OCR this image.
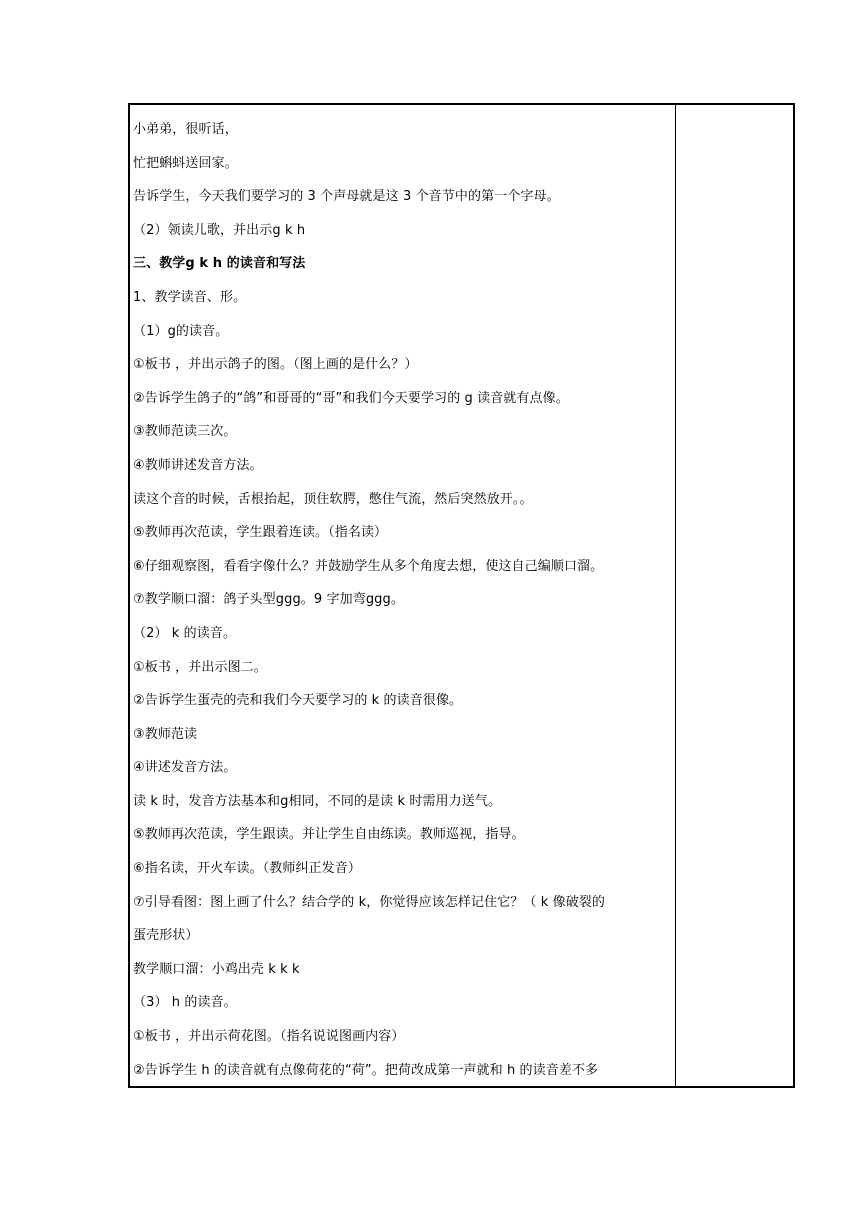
小弟弟，很听话，
忙把蝌蚪送回家。
告诉学生，今天我们要学习的 3 个声母就是这 3 个音节中的第一个字母。
（2）领读儿歌，并出示g k h
三、教学g k h 的读音和写法
1、教学读音、形。
（1）g的读音。
①板书 ，并出示鸽子的图。（图上画的是什么？）
②告诉学生鸽子的“鸽”和哥哥的“哥”和我们今天要学习的 g 读音就有点像。
③教师范读三次。
④教师讲述发音方法。
读这个音的时候，舌根抬起，顶住软腭，憋住气流，然后突然放开。。
⑤教师再次范读，学生跟着连读。（指名读）
⑥仔细观察图，看看字像什么？并鼓励学生从多个角度去想，使这自己编顺口溜。
⑦教学顺口溜：鸽子头型ggg。9 字加弯ggg。
（2） k 的读音。
①板书 ，并出示图二。
②告诉学生蛋壳的壳和我们今天要学习的 k 的读音很像。
③教师范读
④讲述发音方法。
读 k 时，发音方法基本和g相同，不同的是读 k 时需用力送气。
⑤教师再次范读，学生跟读。并让学生自由练读。教师巡视，指导。
⑥指名读，开火车读。（教师纠正发音）
⑦引导看图：图上画了什么？结合学的 k，你觉得应该怎样记住它？（ k 像破裂的
蛋壳形状）
教学顺口溜：小鸡出壳 k k k
（3） h 的读音。
①板书 ，并出示荷花图。（指名说说图画内容）
②告诉学生 h 的读音就有点像荷花的“荷”。把荷改成第一声就和 h 的读音差不多
